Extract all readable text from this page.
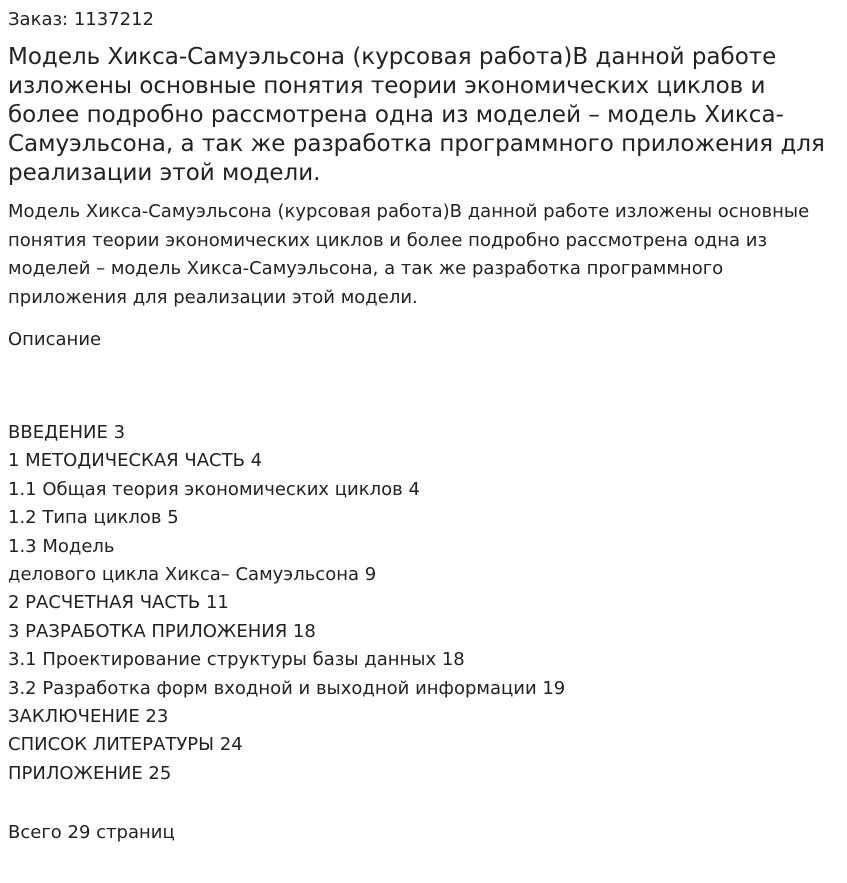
Заказ: 1137212

Модель Хикса-Самуэльсона (курсовая работа)В данной работе изложены основные понятия теории экономических циклов и более подробно рассмотрена одна из моделей – модель Хикса-Самуэльсона, а так же разработка программного приложения для реализации этой модели.

Модель Хикса-Самуэльсона (курсовая работа)В данной работе изложены основные понятия теории экономических циклов и более подробно рассмотрена одна из моделей – модель Хикса-Самуэльсона, а так же разработка программного приложения для реализации этой модели.

Описание

ВВЕДЕНИЕ 3
1 МЕТОДИЧЕСКАЯ ЧАСТЬ 4
1.1 Общая теория экономических циклов 4
1.2 Типа циклов 5
1.3 Модель
делового цикла Хикса– Самуэльсона 9
2 РАСЧЕТНАЯ ЧАСТЬ 11
3 РАЗРАБОТКА ПРИЛОЖЕНИЯ 18
3.1 Проектирование структуры базы данных 18
3.2 Разработка форм входной и выходной информации 19
ЗАКЛЮЧЕНИЕ 23
СПИСОК ЛИТЕРАТУРЫ 24
ПРИЛОЖЕНИЕ 25

Всего 29 страниц
